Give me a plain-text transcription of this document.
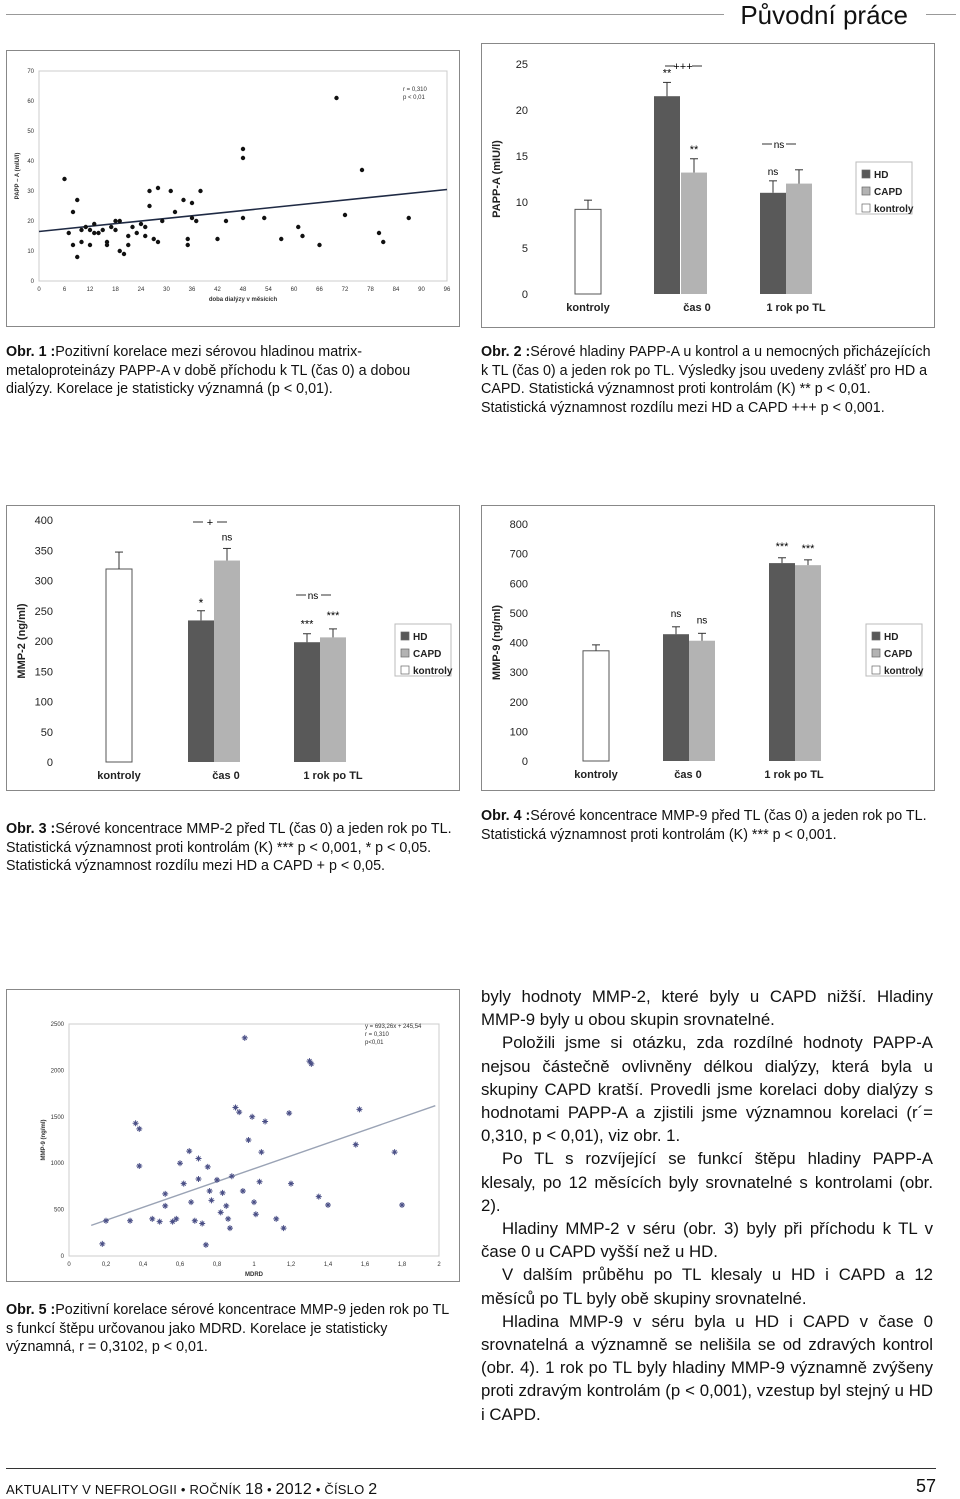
Původní práce
0
10
20
30
40
50
60
70
0	6	12	18	24	30	36	42	48	54	60	66	72	78	84	90	96
doba dialýzy v měsících
PAPP – A (mIU/l)
r = 0,310
p < 0,01
Obr. 1 :Pozitivní korelace mezi sérovou hladinou matrix-metaloproteinázy PAPP-A v době příchodu k TL (čas 0) a dobou dialýzy. Korelace je statisticky významná (p < 0,01).
0
5
10
15
20
25
PAPP-A (mIU/l)
kontroly	čas 0	1 rok po TL
HD
CAPD
kontroly
+++
**
**	ns
ns
Obr. 2 :Sérové hladiny PAPP-A u kontrol a u nemocných přicházejících k TL (čas 0) a jeden rok po TL. Výsledky jsou uvedeny zvlášť pro HD a CAPD. Statistická významnost proti kontrolám (K) ** p < 0,01. Statistická významnost rozdílu mezi HD a CAPD +++ p < 0,001.
0
50
100
150
200
250
300
350
400
MMP-2 (ng/ml)
kontroly	čas 0	1 rok po TL
HD
CAPD
kontroly
+
ns
*	ns
***
***
Obr. 3 :Sérové koncentrace MMP-2 před TL (čas 0) a jeden rok po TL. Statistická významnost proti kontrolám (K) *** p < 0,001, * p < 0,05. Statistická významnost rozdílu mezi HD a CAPD + p < 0,05.
0
100
200
300
400
500
600
700
800
MMP-9 (ng/ml)
kontroly	čas 0	1 rok po TL
HD
CAPD
kontroly
ns
ns
*** ***
Obr. 4 :Sérové koncentrace MMP-9 před TL (čas 0) a jeden rok po TL. Statistická významnost proti kontrolám (K) *** p < 0,001.
0
500
1000
1500
2000
2500
0	0,2	0,4	0,6	0,8	1	1,2	1,4	1,6	1,8	2
MDRD
MMP-9 (ng/ml)
y = 693,26x + 245,54
r = 0,310
p<0,01
Obr. 5 :Pozitivní korelace sérové koncentrace MMP-9 jeden rok po TL s funkcí štěpu určovanou jako MDRD. Korelace je statisticky významná, r = 0,3102, p < 0,01.

byly hodnoty MMP-2, které byly u CAPD nižší. Hladiny MMP-9 byly u obou skupin srovnatelné.

Položili jsme si otázku, zda rozdílné hodnoty PAPP-A nejsou částečně ovlivněny délkou dialýzy, která byla u skupiny CAPD kratší. Provedli jsme korelaci doby dialýzy s hodnotami PAPP-A a zjistili jsme významnou korelaci (r´= 0,310, p < 0,01), viz obr. 1.

Po TL s rozvíjející se funkcí štěpu hladiny PAPP-A klesaly, po 12 měsících byly srovnatelné s kontrolami (obr. 2).

Hladiny MMP-2 v séru (obr. 3) byly při příchodu k TL v čase 0 u CAPD vyšší než u HD.

V dalším průběhu po TL klesaly u HD i CAPD a 12 měsíců po TL byly obě skupiny srovnatelné.

Hladina MMP-9 v séru byla u HD i CAPD v čase 0 srovnatelná a významně se nelišila se od zdravých kontrol (obr. 4). 1 rok po TL byly hladiny MMP-9 významně zvýšeny proti zdravým kontrolám (p < 0,001), vzestup byl stejný u HD i CAPD.

AKTUALITY V NEFROLOGII • ROČNÍK 18 • 2012 • ČÍSLO 2	57
